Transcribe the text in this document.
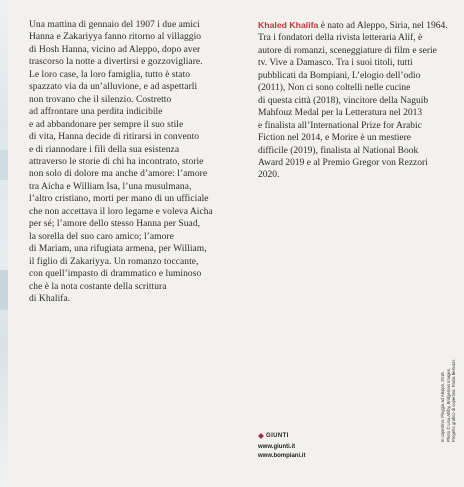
Una mattina di gennaio del 1907 i due amici
Hanna e Zakariyya fanno ritorno al villaggio
di Hosh Hanna, vicino ad Aleppo, dopo aver
trascorso la notte a divertirsi e gozzovigliare.
Le loro case, la loro famiglia, tutto è stato
spazzato via da un’alluvione, e ad aspettarli
non trovano che il silenzio. Costretto
ad affrontare una perdita indicibile
e ad abbandonare per sempre il suo stile
di vita, Hanna decide di ritirarsi in convento
e di riannodare i fili della sua esistenza
attraverso le storie di chi ha incontrato, storie
non solo di dolore ma anche d’amore: l’amore
tra Aicha e William Isa, l’una musulmana,
l’altro cristiano, morti per mano di un ufficiale
che non accettava il loro legame e voleva Aicha
per sé; l’amore dello stesso Hanna per Suad,
la sorella del suo caro amico; l’amore
di Mariam, una rifugiata armena, per William,
il figlio di Zakariyya. Un romanzo toccante,
con quell’impasto di drammatico e luminoso
che è la nota costante della scrittura
di Khalifa.
Khaled Khalifa è nato ad Aleppo, Siria, nel 1964.
Tra i fondatori della rivista letteraria Alif, è
autore di romanzi, sceneggiature di film e serie
tv. Vive a Damasco. Tra i suoi titoli, tutti
pubblicati da Bompiani, L’elogio dell’odio
(2011), Non ci sono coltelli nelle cucine
di questa città (2018), vincitore della Naguib
Mahfouz Medal per la Letteratura nel 2013
e finalista all’International Prize for Arabic
Fiction nel 2014, e Morire è un mestiere
difficile (2019), finalista al National Book
Award 2019 e al Premio Gregor von Rezzori
2020.
In copertina: Pioggia ad Aleppo, 2018. Photo © Lina Ahlby, Bridgeman Images. Progetto grafico di copertina: Paola Bertuzzi.
GIUNTI
www.giunti.it
www.bompiani.it
